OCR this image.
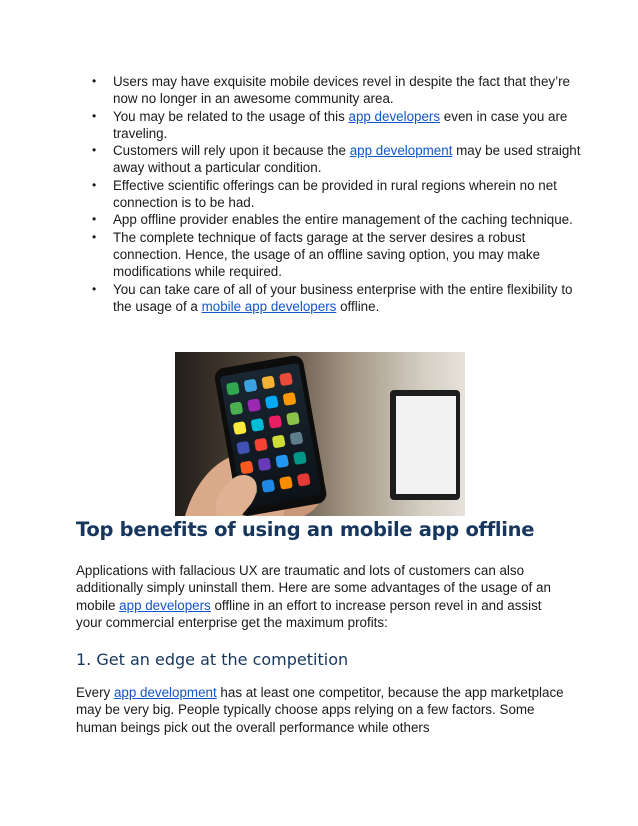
• Users may have exquisite mobile devices revel in despite the fact that they’re now no longer in an awesome community area.
• You may be related to the usage of this app developers even in case you are traveling.
• Customers will rely upon it because the app development may be used straight away without a particular condition.
• Effective scientific offerings can be provided in rural regions wherein no net connection is to be had.
• App offline provider enables the entire management of the caching technique.
• The complete technique of facts garage at the server desires a robust connection. Hence, the usage of an offline saving option, you may make modifications while required.
• You can take care of all of your business enterprise with the entire flexibility to the usage of a mobile app developers offline.
Top benefits of using an mobile app offline

Applications with fallacious UX are traumatic and lots of customers can also additionally simply uninstall them. Here are some advantages of the usage of an mobile app developers offline in an effort to increase person revel in and assist your commercial enterprise get the maximum profits:

1. Get an edge at the competition

Every app development has at least one competitor, because the app marketplace may be very big. People typically choose apps relying on a few factors. Some human beings pick out the overall performance while others
